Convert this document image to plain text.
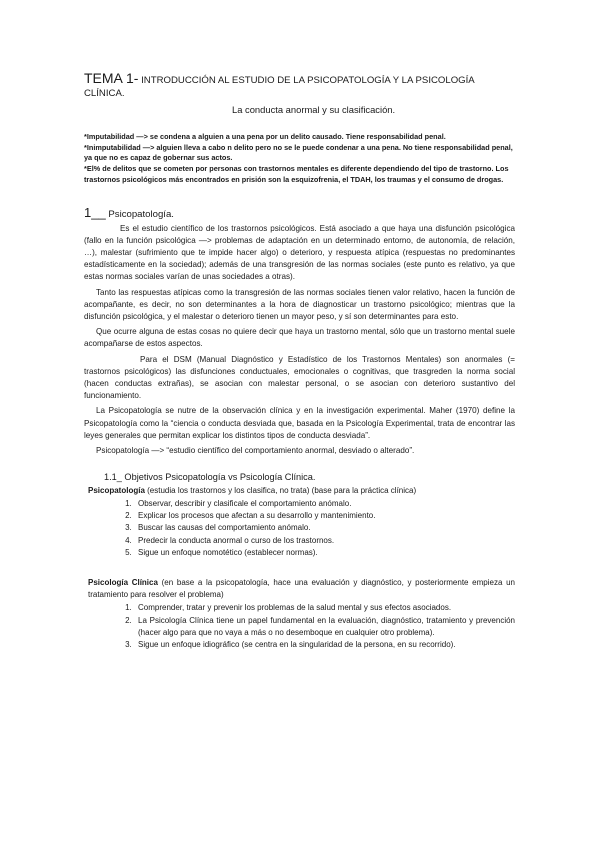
TEMA 1- INTRODUCCIÓN AL ESTUDIO DE LA PSICOPATOLOGÍA Y LA PSICOLOGÍA CLÍNICA.
La conducta anormal y su clasificación.

*Imputabilidad —> se condena a alguien a una pena por un delito causado. Tiene responsabilidad penal.

*Inimputabilidad —> alguien lleva a cabo n delito pero no se le puede condenar a una pena. No tiene responsabilidad penal, ya que no es capaz de gobernar sus actos.

*El% de delitos que se cometen por personas con trastornos mentales es diferente dependiendo del tipo de trastorno. Los trastornos psicológicos más encontrados en prisión son la esquizofrenia, el TDAH, los traumas y el consumo de drogas.

1__ Psicopatología.

Es el estudio científico de los trastornos psicológicos. Está asociado a que haya una disfunción psicológica (fallo en la función psicológica —> problemas de adaptación en un determinado entorno, de autonomía, de relación, …), malestar (sufrimiento que te impide hacer algo) o deterioro, y respuesta atípica (respuestas no predominantes estadísticamente en la sociedad); además de una transgresión de las normas sociales (este punto es relativo, ya que estas normas sociales varían de unas sociedades a otras).

Tanto las respuestas atípicas como la transgresión de las normas sociales tienen valor relativo, hacen la función de acompañante, es decir, no son determinantes a la hora de diagnosticar un trastorno psicológico; mientras que la disfunción psicológica, y el malestar o deterioro tienen un mayor peso, y sí son determinantes para esto.

Que ocurre alguna de estas cosas no quiere decir que haya un trastorno mental, sólo que un trastorno mental suele acompañarse de estos aspectos.

Para el DSM (Manual Diagnóstico y Estadístico de los Trastornos Mentales) son anormales (= trastornos psicológicos) las disfunciones conductuales, emocionales o cognitivas, que trasgreden la norma social (hacen conductas extrañas), se asocian con malestar personal, o se asocian con deterioro sustantivo del funcionamiento.

La Psicopatología se nutre de la observación clínica y en la investigación experimental. Maher (1970) define la Psicopatología como la “ciencia o conducta desviada que, basada en la Psicología Experimental, trata de encontrar las leyes generales que permitan explicar los distintos tipos de conducta desviada”.

Psicopatología —> “estudio científico del comportamiento anormal, desviado o alterado”.

1.1_ Objetivos Psicopatología vs Psicología Clínica.
Psicopatología (estudia los trastornos y los clasifica, no trata) (base para la práctica clínica)
1. Observar, describir y clasificale el comportamiento anómalo.
2. Explicar los procesos que afectan a su desarrollo y mantenimiento.
3. Buscar las causas del comportamiento anómalo.
4. Predecir la conducta anormal o curso de los trastornos.
5. Sigue un enfoque nomotético (establecer normas).
Psicología Clínica (en base a la psicopatología, hace una evaluación y diagnóstico, y posteriormente empieza un tratamiento para resolver el problema)
1. Comprender, tratar y prevenir los problemas de la salud mental y sus efectos asociados.
2. La Psicología Clínica tiene un papel fundamental en la evaluación, diagnóstico, tratamiento y prevención (hacer algo para que no vaya a más o no desemboque en cualquier otro problema).
3. Sigue un enfoque idiográfico (se centra en la singularidad de la persona, en su recorrido).
